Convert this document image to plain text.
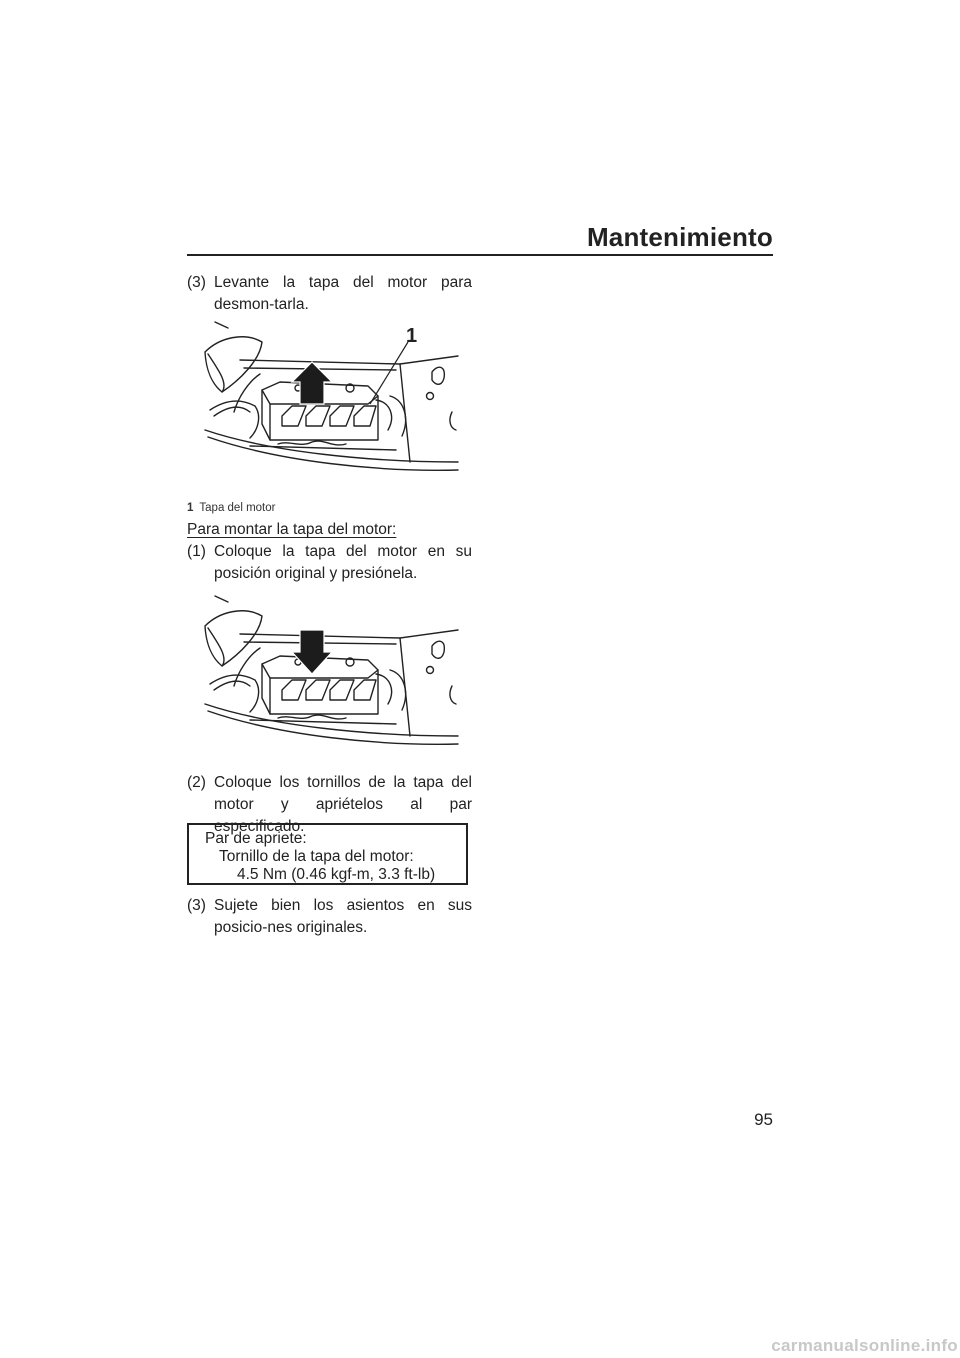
Mantenimiento
(3) Levante la tapa del motor para desmon-tarla.
1
1 Tapa del motor
Para montar la tapa del motor:
(1) Coloque la tapa del motor en su posición original y presiónela.
(2) Coloque los tornillos de la tapa del motor y apriételos al par especificado.
Par de apriete:
Tornillo de la tapa del motor:
4.5 Nm (0.46 kgf-m, 3.3 ft-lb)
(3) Sujete bien los asientos en sus posicio-nes originales.
95
carmanualsonline.info
